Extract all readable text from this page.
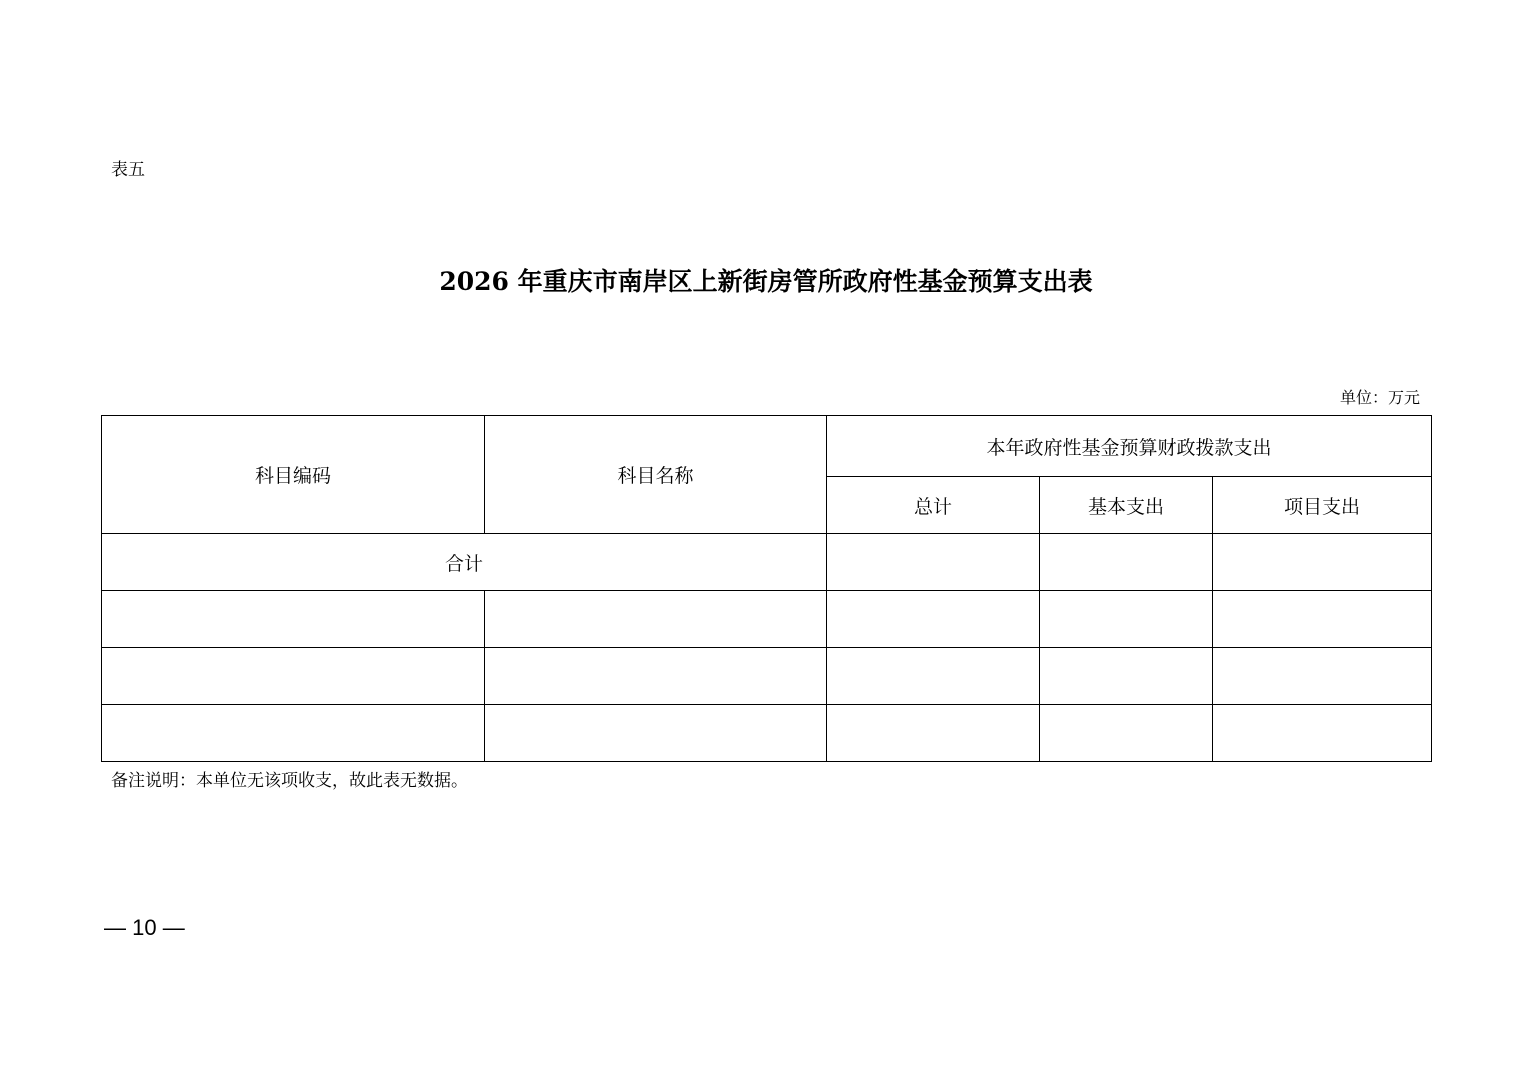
表五
2026 年重庆市南岸区上新街房管所政府性基金预算支出表
单位：万元
科目编码	科目名称	本年政府性基金预算财政拨款支出		
		总计	基本支出	项目支出
合计				

备注说明：本单位无该项收支，故此表无数据。
— 10 —
